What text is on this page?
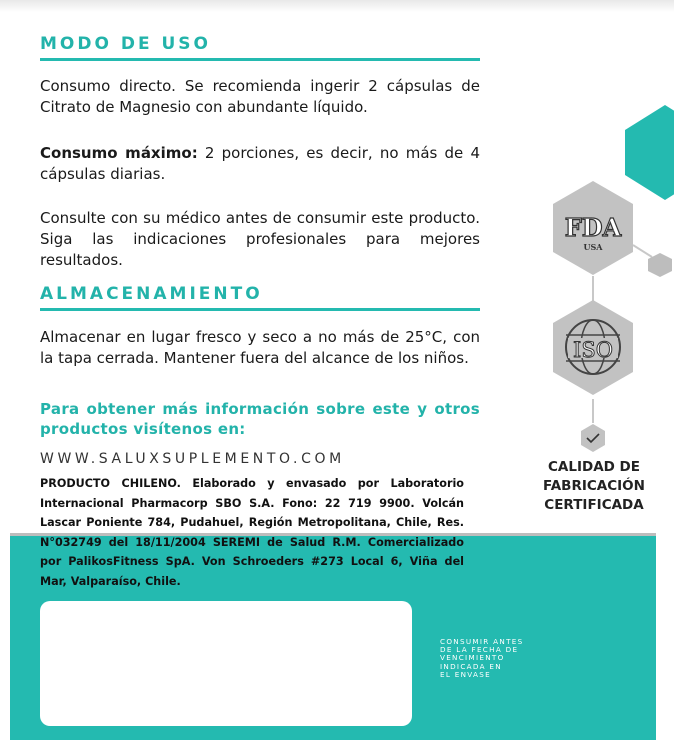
MODO DE USO
Consumo directo. Se recomienda ingerir 2 cápsulas de Citrato de Magnesio con abundante líquido.
Consumo máximo: 2 porciones, es decir, no más de 4 cápsulas diarias.
Consulte con su médico antes de consumir este producto. Siga las indicaciones profesionales para mejores resultados.
ALMACENAMIENTO
Almacenar en lugar fresco y seco a no más de 25°C, con la tapa cerrada. Mantener fuera del alcance de los niños.
Para obtener más información sobre este y otros productos visítenos en:
WWW.SALUXSUPLEMENTO.COM
PRODUCTO CHILENO. Elaborado y envasado por Laboratorio Internacional Pharmacorp SBO S.A. Fono: 22 719 9900. Volcán Lascar Poniente 784, Pudahuel, Región Metropolitana, Chile, Res. N°032749 del 18/11/2004 SEREMI de Salud R.M. Comercializado por PalikosFitness SpA. Von Schroeders #273 Local 6, Viña del Mar, Valparaíso, Chile.
CONSUMIR ANTES
DE LA FECHA DE
VENCIMIENTO
INDICADA EN
EL ENVASE
FDA
USA
ISO
CALIDAD DE
FABRICACIÓN
CERTIFICADA
